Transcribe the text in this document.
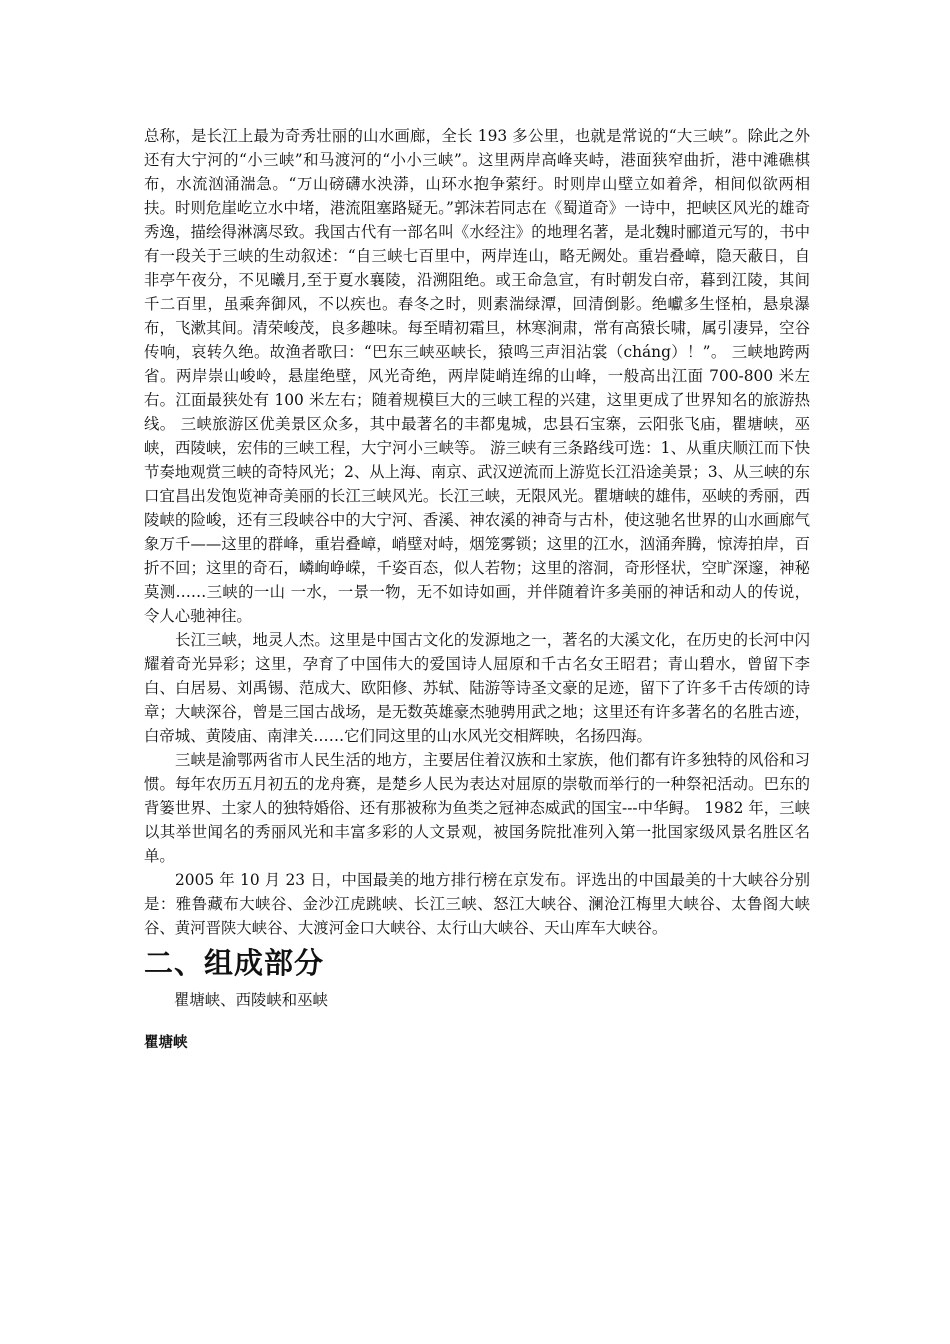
总称，是长江上最为奇秀壮丽的山水画廊，全长 193 多公里，也就是常说的“大三峡”。除此之外还有大宁河的“小三峡”和马渡河的“小小三峡”。这里两岸高峰夹峙，港面狭窄曲折，港中滩礁棋布，水流汹涌湍急。“万山磅礴水泱漭，山环水抱争萦纡。时则岸山壁立如着斧，相间似欲两相扶。时则危崖屹立水中堵，港流阻塞路疑无。”郭沫若同志在《蜀道奇》一诗中，把峡区风光的雄奇秀逸，描绘得淋漓尽致。我国古代有一部名叫《水经注》的地理名著，是北魏时郦道元写的，书中有一段关于三峡的生动叙述：“自三峡七百里中，两岸连山，略无阙处。重岩叠嶂，隐天蔽日，自非亭午夜分，不见曦月,至于夏水襄陵，沿溯阻绝。或王命急宣，有时朝发白帝，暮到江陵，其间千二百里，虽乘奔御风，不以疾也。春冬之时，则素湍绿潭，回清倒影。绝巘多生怪柏，悬泉瀑布，飞漱其间。清荣峻茂，良多趣味。每至晴初霜旦，林寒涧肃，常有高猿长啸，属引凄异，空谷传响，哀转久绝。故渔者歌曰：“巴东三峡巫峡长，猿鸣三声泪沾裳（cháng）！”。 三峡地跨两省。两岸崇山峻岭，悬崖绝壁，风光奇绝，两岸陡峭连绵的山峰，一般高出江面 700-800 米左右。江面最狭处有 100 米左右；随着规模巨大的三峡工程的兴建，这里更成了世界知名的旅游热线。 三峡旅游区优美景区众多，其中最著名的丰都鬼城，忠县石宝寨，云阳张飞庙，瞿塘峡，巫峡，西陵峡，宏伟的三峡工程，大宁河小三峡等。 游三峡有三条路线可选：1、从重庆顺江而下快节奏地观赏三峡的奇特风光；2、从上海、南京、武汉逆流而上游览长江沿途美景；3、从三峡的东口宜昌出发饱览神奇美丽的长江三峡风光。长江三峡，无限风光。瞿塘峡的雄伟，巫峡的秀丽，西陵峡的险峻，还有三段峡谷中的大宁河、香溪、神农溪的神奇与古朴，使这驰名世界的山水画廊气象万千——这里的群峰，重岩叠嶂，峭壁对峙，烟笼雾锁；这里的江水，汹涌奔腾，惊涛拍岸，百折不回；这里的奇石，嶙峋峥嵘，千姿百态，似人若物；这里的溶洞，奇形怪状，空旷深邃，神秘莫测……三峡的一山 一水，一景一物，无不如诗如画，并伴随着许多美丽的神话和动人的传说，令人心驰神往。

长江三峡，地灵人杰。这里是中国古文化的发源地之一，著名的大溪文化，在历史的长河中闪耀着奇光异彩；这里，孕育了中国伟大的爱国诗人屈原和千古名女王昭君；青山碧水，曾留下李白、白居易、刘禹锡、范成大、欧阳修、苏轼、陆游等诗圣文豪的足迹，留下了许多千古传颂的诗章；大峡深谷，曾是三国古战场，是无数英雄豪杰驰骋用武之地；这里还有许多著名的名胜古迹，白帝城、黄陵庙、南津关……它们同这里的山水风光交相辉映，名扬四海。

三峡是渝鄂两省市人民生活的地方，主要居住着汉族和土家族，他们都有许多独特的风俗和习惯。每年农历五月初五的龙舟赛，是楚乡人民为表达对屈原的崇敬而举行的一种祭祀活动。巴东的背篓世界、土家人的独特婚俗、还有那被称为鱼类之冠神态威武的国宝---中华鲟。 1982 年，三峡以其举世闻名的秀丽风光和丰富多彩的人文景观，被国务院批准列入第一批国家级风景名胜区名单。

2005 年 10 月 23 日，中国最美的地方排行榜在京发布。评选出的中国最美的十大峡谷分别是：雅鲁藏布大峡谷、金沙江虎跳峡、长江三峡、怒江大峡谷、澜沧江梅里大峡谷、太鲁阁大峡谷、黄河晋陕大峡谷、大渡河金口大峡谷、太行山大峡谷、天山库车大峡谷。

二、组成部分

瞿塘峡、西陵峡和巫峡

瞿塘峡
